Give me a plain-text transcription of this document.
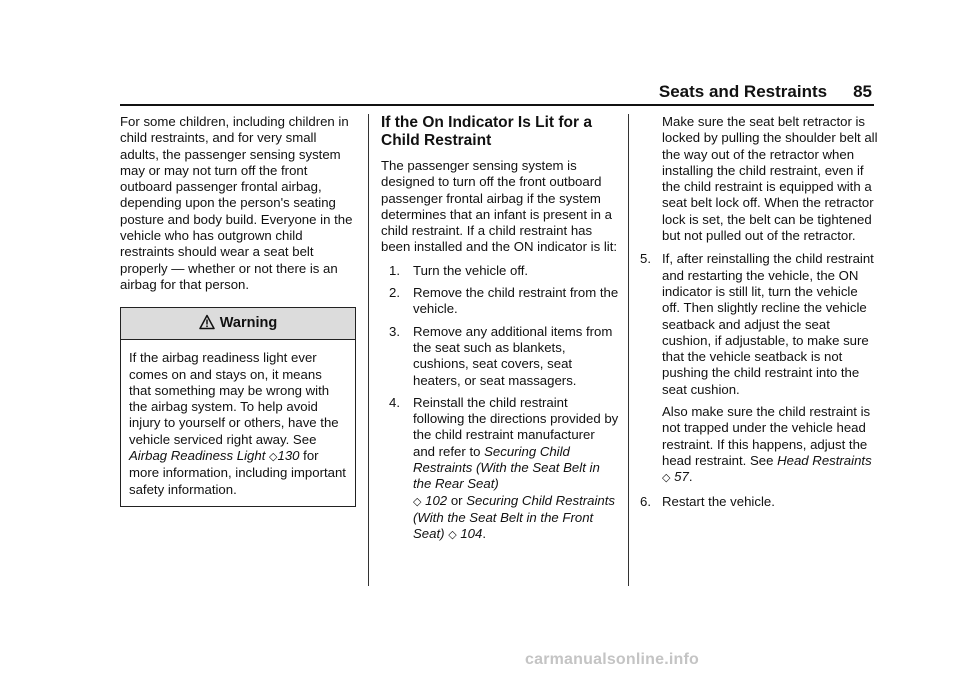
Seats and Restraints 85

For some children, including children in child restraints, and for very small adults, the passenger sensing system may or may not turn off the front outboard passenger frontal airbag, depending upon the person's seating posture and body build. Everyone in the vehicle who has outgrown child restraints should wear a seat belt properly — whether or not there is an airbag for that person.

Warning

If the airbag readiness light ever comes on and stays on, it means that something may be wrong with the airbag system. To help avoid injury to yourself or others, have the vehicle serviced right away. See Airbag Readiness Light ◇130 for more information, including important safety information.

If the On Indicator Is Lit for a Child Restraint

The passenger sensing system is designed to turn off the front outboard passenger frontal airbag if the system determines that an infant is present in a child restraint. If a child restraint has been installed and the ON indicator is lit:

1. Turn the vehicle off.
2. Remove the child restraint from the vehicle.
3. Remove any additional items from the seat such as blankets, cushions, seat covers, seat heaters, or seat massagers.
4. Reinstall the child restraint following the directions provided by the child restraint manufacturer and refer to Securing Child Restraints (With the Seat Belt in the Rear Seat)
◇ 102 or Securing Child Restraints (With the Seat Belt in the Front Seat) ◇ 104.

Make sure the seat belt retractor is locked by pulling the shoulder belt all the way out of the retractor when installing the child restraint, even if the child restraint is equipped with a seat belt lock off. When the retractor lock is set, the belt can be tightened but not pulled out of the retractor.

5. If, after reinstalling the child restraint and restarting the vehicle, the ON indicator is still lit, turn the vehicle off. Then slightly recline the vehicle seatback and adjust the seat cushion, if adjustable, to make sure that the vehicle seatback is not pushing the child restraint into the seat cushion.

Also make sure the child restraint is not trapped under the vehicle head restraint. If this happens, adjust the head restraint. See Head Restraints
◇ 57.

6. Restart the vehicle.
carmanualsonline.info
